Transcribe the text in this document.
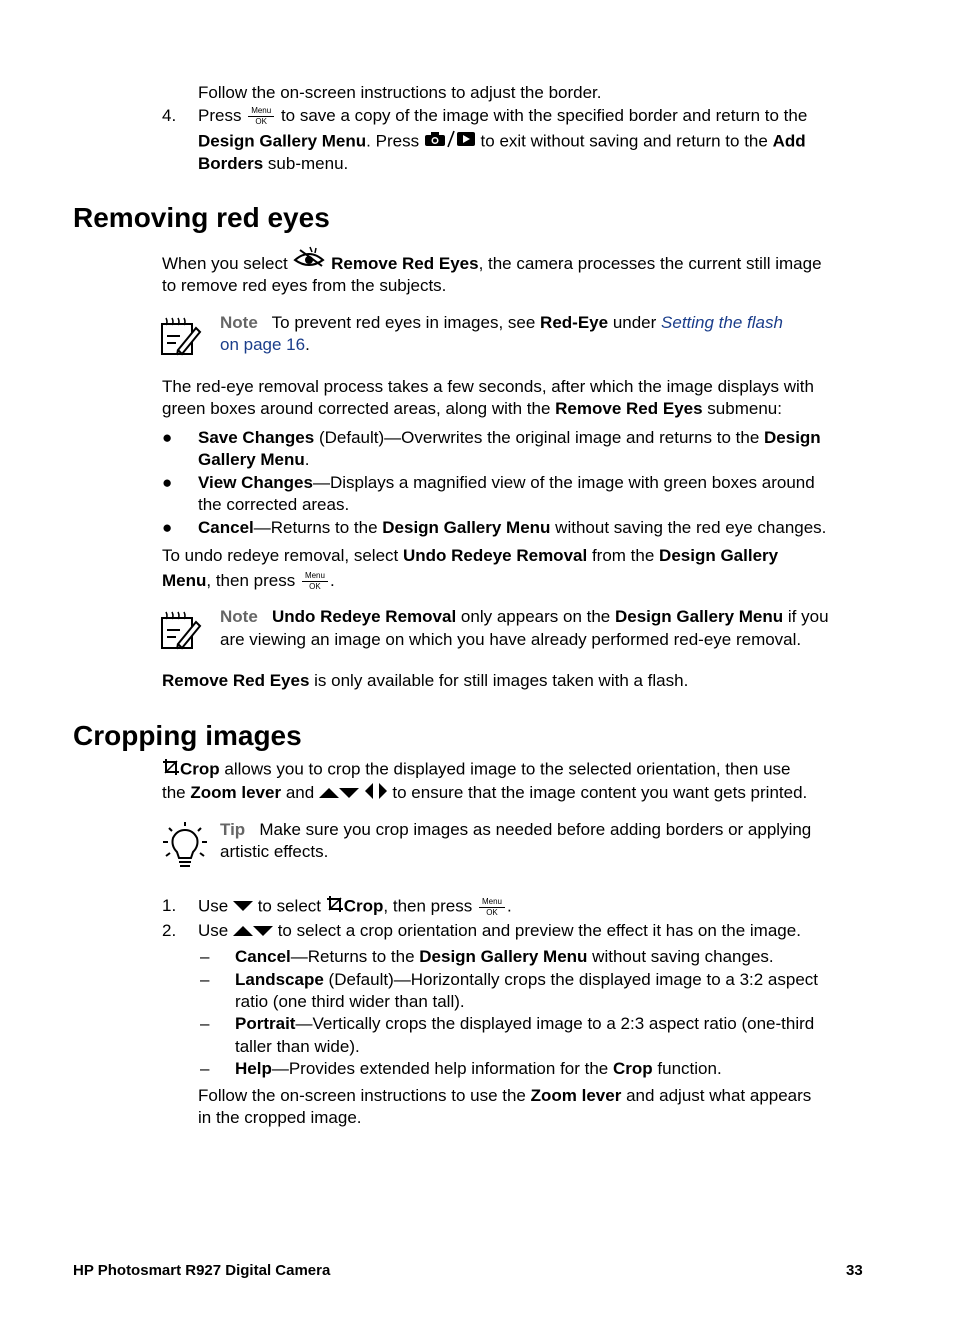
Follow the on-screen instructions to adjust the border.
4. Press	Menu
OK to save a copy of the image with the specified border and return to the
Design Gallery Menu. Press	to exit without saving and return to the Add
Borders sub-menu.
Removing red eyes
When you select	Remove Red Eyes, the camera processes the current still image
to remove red eyes from the subjects.
Note To prevent red eyes in images, see Red-Eye under Setting the flash
on page 16.
The red-eye removal process takes a few seconds, after which the image displays with
green boxes around corrected areas, along with the Remove Red Eyes submenu:
● Save Changes (Default)—Overwrites the original image and returns to the Design
Gallery Menu.
● View Changes—Displays a magnified view of the image with green boxes around
the corrected areas.
● Cancel—Returns to the Design Gallery Menu without saving the red eye changes.
To undo redeye removal, select Undo Redeye Removal from the Design Gallery
Menu, then press	Menu
OK .
Note Undo Redeye Removal only appears on the Design Gallery Menu if you
are viewing an image on which you have already performed red-eye removal.
Remove Red Eyes is only available for still images taken with a flash.
Cropping images
Crop allows you to crop the displayed image to the selected orientation, then use
the Zoom lever and	to ensure that the image content you want gets printed.
Tip Make sure you crop images as needed before adding borders or applying
artistic effects.
1. Use to select Crop, then press	Menu
OK .
2. Use	to select a crop orientation and preview the effect it has on the image.
– Cancel—Returns to the Design Gallery Menu without saving changes.
– Landscape (Default)—Horizontally crops the displayed image to a 3:2 aspect
ratio (one third wider than tall).
– Portrait—Vertically crops the displayed image to a 2:3 aspect ratio (one-third
taller than wide).
– Help—Provides extended help information for the Crop function.
Follow the on-screen instructions to use the Zoom lever and adjust what appears
in the cropped image.
HP Photosmart R927 Digital Camera	33
